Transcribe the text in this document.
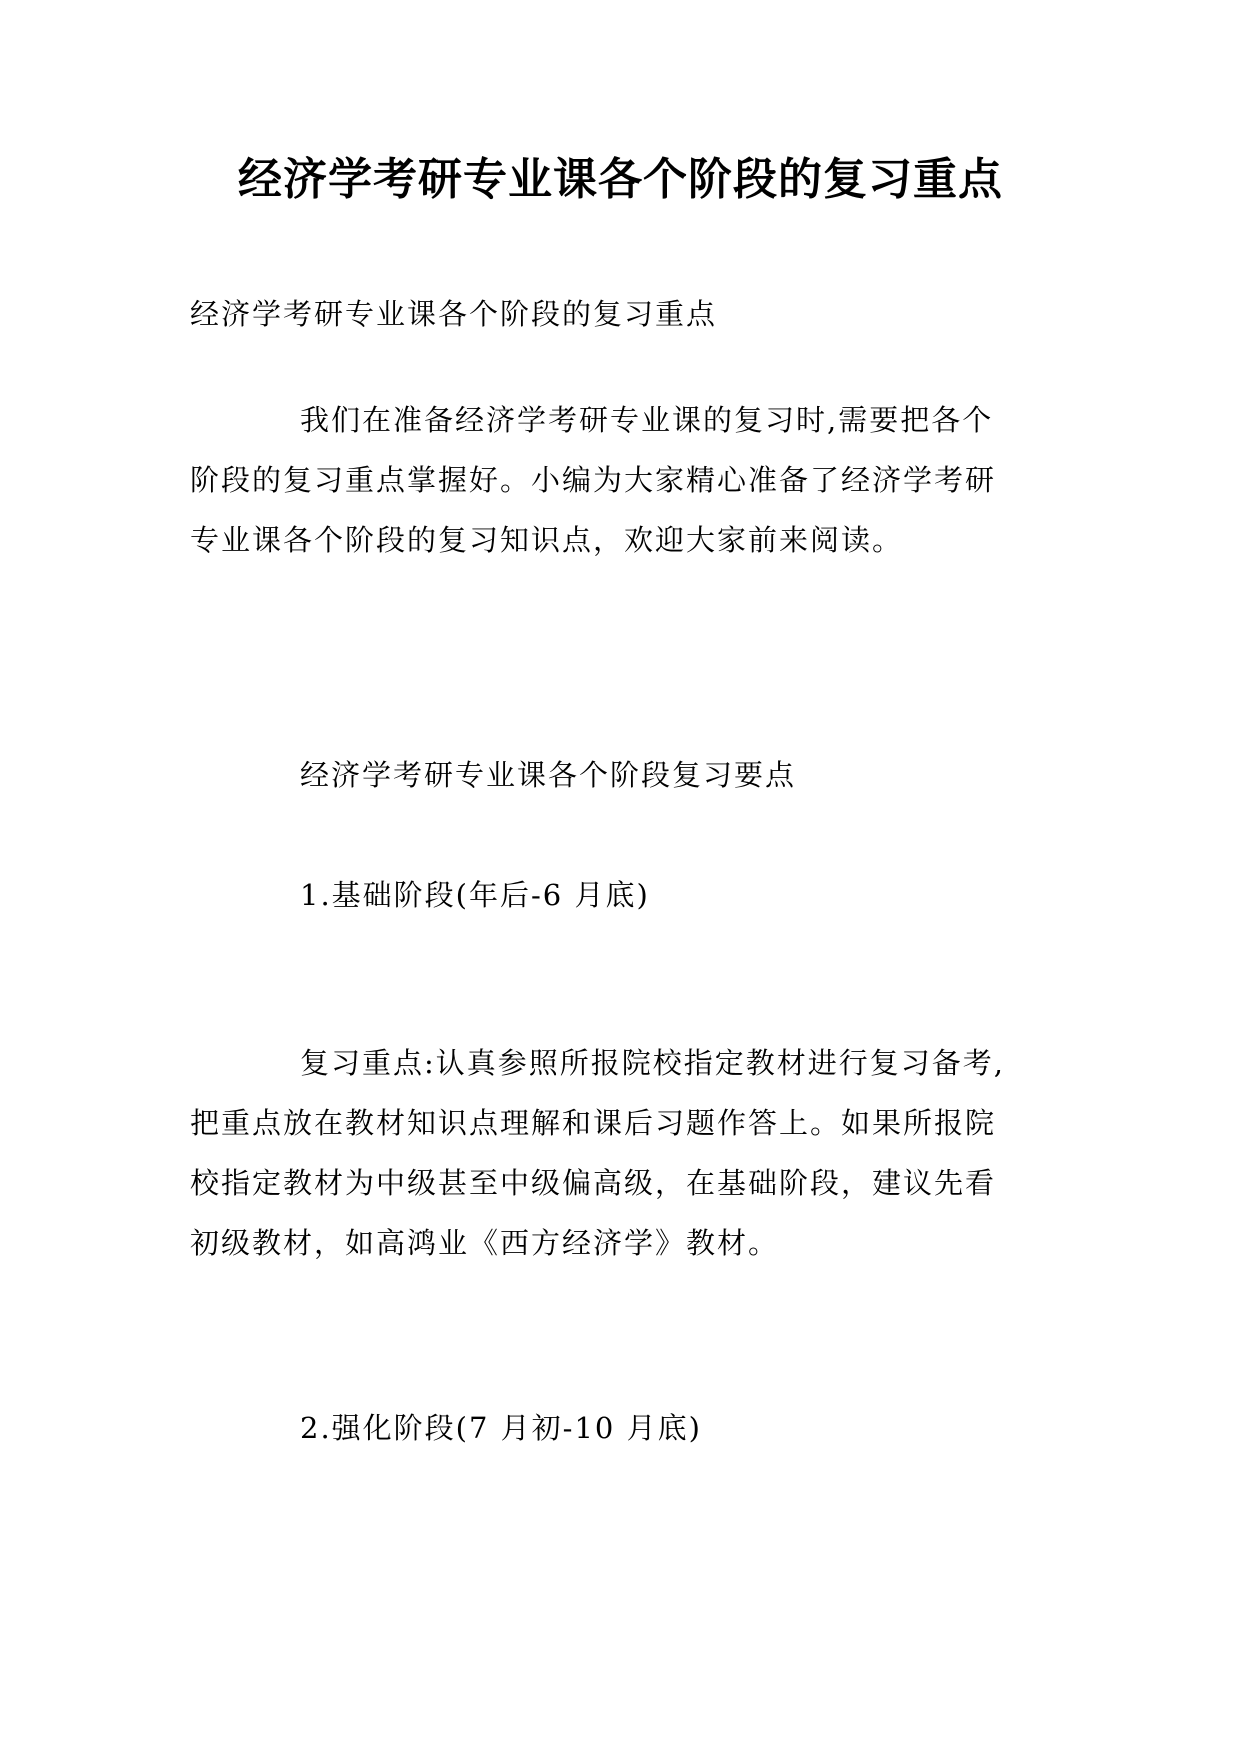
经济学考研专业课各个阶段的复习重点

经济学考研专业课各个阶段的复习重点

我们在准备经济学考研专业课的复习时,需要把各个
阶段的复习重点掌握好。小编为大家精心准备了经济学考研
专业课各个阶段的复习知识点，欢迎大家前来阅读。

经济学考研专业课各个阶段复习要点

1.基础阶段(年后-6 月底)

复习重点:认真参照所报院校指定教材进行复习备考,
把重点放在教材知识点理解和课后习题作答上。如果所报院
校指定教材为中级甚至中级偏高级，在基础阶段，建议先看
初级教材，如高鸿业《西方经济学》教材。

2.强化阶段(7 月初-10 月底)
